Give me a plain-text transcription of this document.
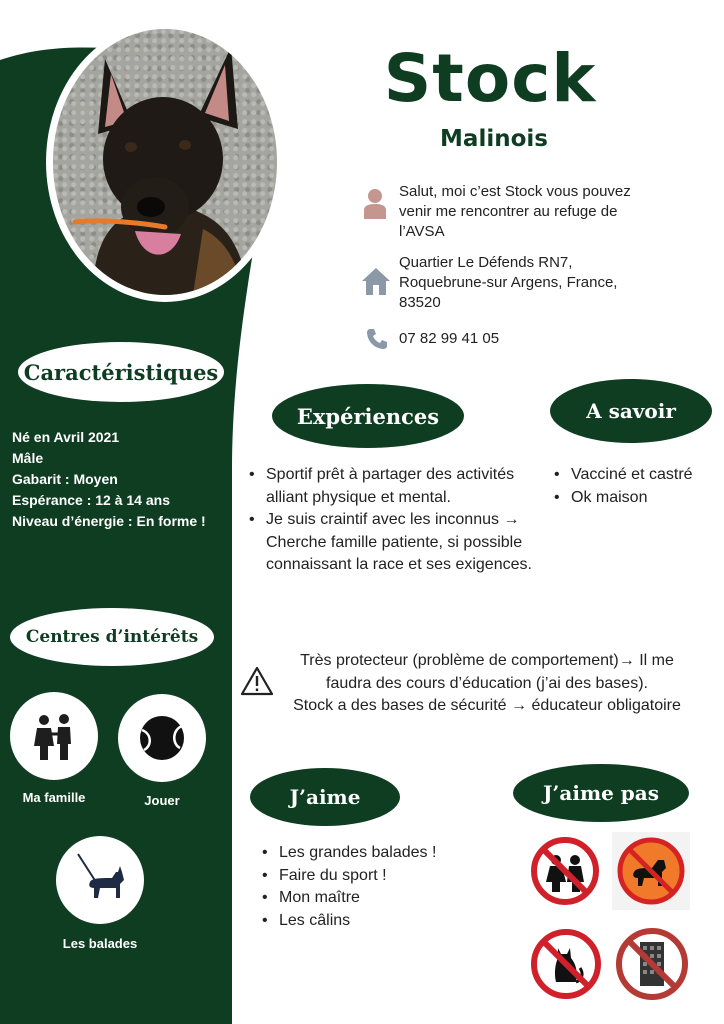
Stock
Malinois
Salut, moi c’est Stock vous pouvez venir me rencontrer au refuge de l’AVSA
Quartier Le Défends RN7, Roquebrune-sur Argens, France, 83520
07 82 99 41 05
Caractéristiques
Né en Avril 2021
Mâle
Gabarit : Moyen
Espérance : 12 à 14 ans
Niveau d’énergie : En forme !
Centres d’intérêts
Ma famille	Jouer
Les balades
Expériences
• Sportif prêt à partager des activités alliant physique et mental.
• Je suis craintif avec les inconnus → Cherche famille patiente, si possible connaissant la race et ses exigences.
A savoir
• Vacciné et castré
• Ok maison
Très protecteur (problème de comportement)→ Il me
faudra des cours d’éducation (j’ai des bases).
Stock a des bases de sécurité → éducateur obligatoire
J’aime
• Les grandes balades !
• Faire du sport !
• Mon maître
• Les câlins
J’aime pas
